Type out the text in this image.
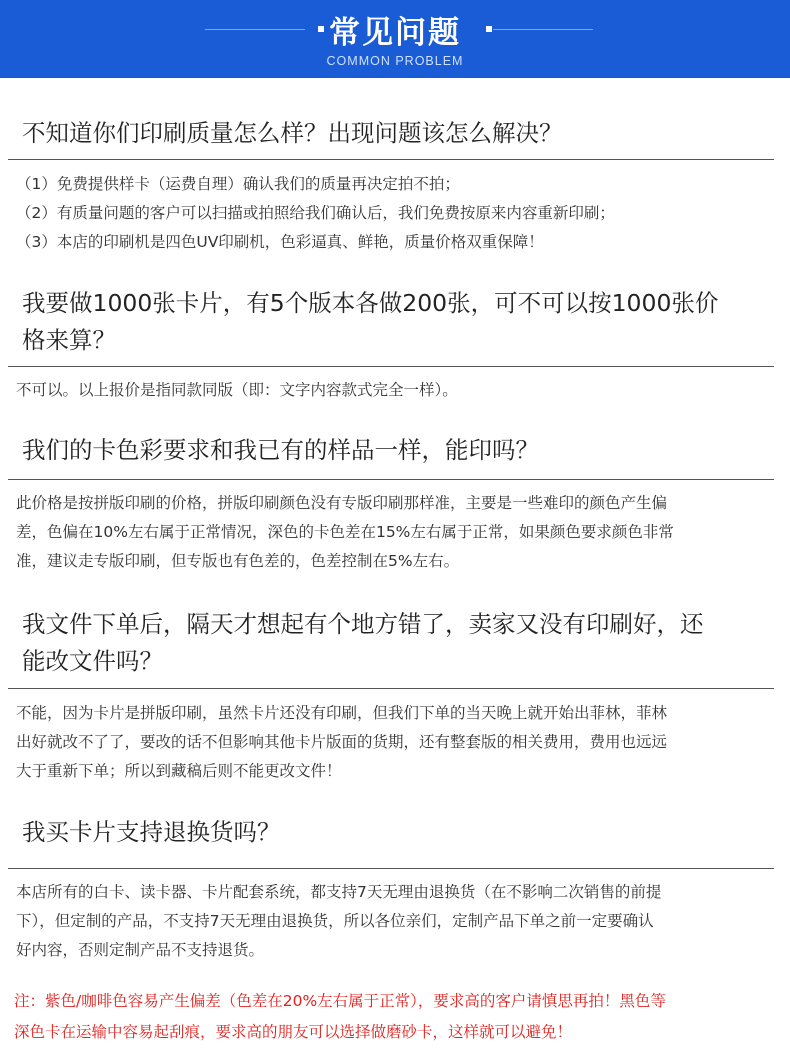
常见问题
COMMON PROBLEM
不知道你们印刷质量怎么样？出现问题该怎么解决？

（1）免费提供样卡（运费自理）确认我们的质量再决定拍不拍；

（2）有质量问题的客户可以扫描或拍照给我们确认后，我们免费按原来内容重新印刷；

（3）本店的印刷机是四色UV印刷机，色彩逼真、鲜艳，质量价格双重保障！

我要做1000张卡片，有5个版本各做200张，可不可以按1000张价
格来算？

不可以。以上报价是指同款同版（即：文字内容款式完全一样）。

我们的卡色彩要求和我已有的样品一样，能印吗？

此价格是按拼版印刷的价格，拼版印刷颜色没有专版印刷那样准，主要是一些难印的颜色产生偏

差，色偏在10%左右属于正常情况，深色的卡色差在15%左右属于正常，如果颜色要求颜色非常

准，建议走专版印刷，但专版也有色差的，色差控制在5%左右。

我文件下单后，隔天才想起有个地方错了，卖家又没有印刷好，还
能改文件吗？

不能，因为卡片是拼版印刷，虽然卡片还没有印刷，但我们下单的当天晚上就开始出菲林，菲林

出好就改不了了，要改的话不但影响其他卡片版面的货期，还有整套版的相关费用，费用也远远

大于重新下单；所以到藏稿后则不能更改文件！

我买卡片支持退换货吗？

本店所有的白卡、读卡器、卡片配套系统，都支持7天无理由退换货（在不影响二次销售的前提

下），但定制的产品，不支持7天无理由退换货，所以各位亲们，定制产品下单之前一定要确认

好内容，否则定制产品不支持退货。

注：紫色/咖啡色容易产生偏差（色差在20%左右属于正常），要求高的客户请慎思再拍！黑色等

深色卡在运输中容易起刮痕，要求高的朋友可以选择做磨砂卡，这样就可以避免！
